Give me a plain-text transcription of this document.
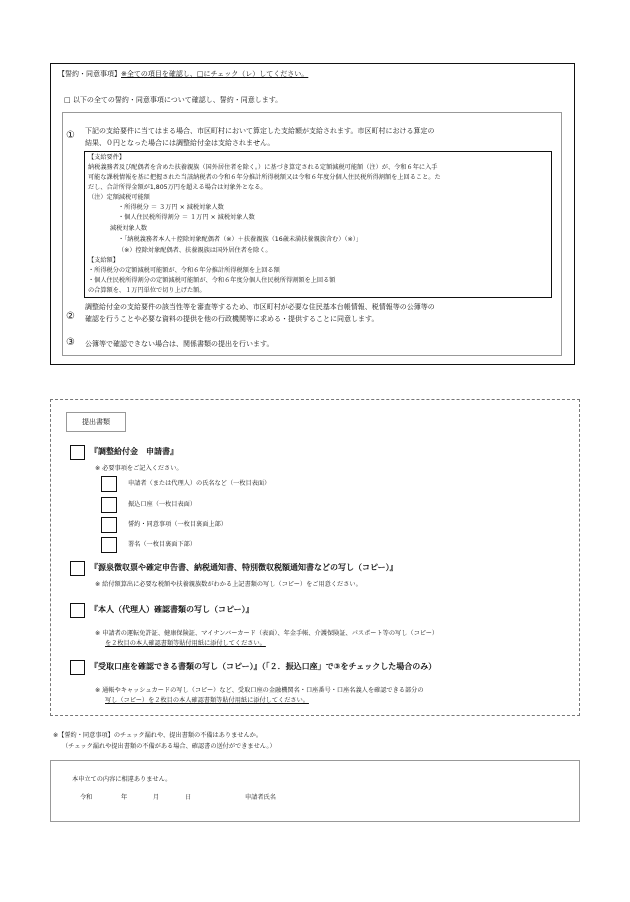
【誓約・同意事項】※全ての項目を確認し、□にチェック（レ）してください。
□ 以下の全ての誓約・同意事項について確認し、誓約・同意します。
① 下記の支給要件に当てはまる場合、市区町村において算定した支給額が支給されます。市区町村における算定の
結果、０円となった場合には調整給付金は支給されません。
【支給要件】
納税義務者及び配偶者を含めた扶養親族（国外居住者を除く。）に基づき算定される定額減税可能額（注）が、令和６年に入手
可能な課税情報を基に把握された当該納税者の令和６年分推計所得税額又は令和６年度分個人住民税所得割額を上回ること。た
だし、合計所得金額が1,805万円を超える場合は対象外となる。
（注）定額減税可能額
・所得税分 ＝ ３万円 × 減税対象人数
・個人住民税所得割分 ＝ １万円 × 減税対象人数
減税対象人数
・「納税義務者本人＋控除対象配偶者（※）＋扶養親族（16歳未満扶養親族含む）（※）」
（※）控除対象配偶者、扶養親族は国外居住者を除く。
【支給額】
・所得税分の定額減税可能額が、令和６年分推計所得税額を上回る額
・個人住民税所得割分の定額減税可能額が、令和６年度分個人住民税所得割額を上回る額
の合算額を、１万円単位で切り上げた額。
②
調整給付金の支給要件の該当性等を審査等するため、市区町村が必要な住民基本台帳情報、税情報等の公簿等の
確認を行うことや必要な資料の提供を他の行政機関等に求める・提供することに同意します。
③ 公簿等で確認できない場合は、関係書類の提出を行います。
提出書類
『調整給付金　申請書』
※ 必要事項をご記入ください。
申請者（または代理人）の氏名など（一枚目表面）
振込口座（一枚目表面）
誓約・同意事項（一枚目裏面上部）
署名（一枚目裏面下部）
『源泉徴収票や確定申告書、納税通知書、特別徴収税額通知書などの写し（コピー）』
※ 給付額算出に必要な税額や扶養親族数がわかる上記書類の写し（コピー）をご用意ください。
『本人（代理人）確認書類の写し（コピー）』
※ 申請者の運転免許証、健康保険証、マイナンバーカード（表面）、年金手帳、介護保険証、パスポート等の写し（コピー）
を２枚目の本人確認書類等貼付用紙に添付してください。
『受取口座を確認できる書類の写し（コピー）』（「２．振込口座」で③をチェックした場合のみ）
※ 通帳やキャッシュカードの写し（コピー）など、受取口座の金融機関名・口座番号・口座名義人を確認できる部分の
写し（コピー）を２枚目の本人確認書類等貼付用紙に添付してください。
※【誓約・同意事項】のチェック漏れや、提出書類の不備はありませんか。
（チェック漏れや提出書類の不備がある場合、確認書の送付ができません。）
本申立ての内容に相違ありません。
令和	年	月	日	申請者氏名
